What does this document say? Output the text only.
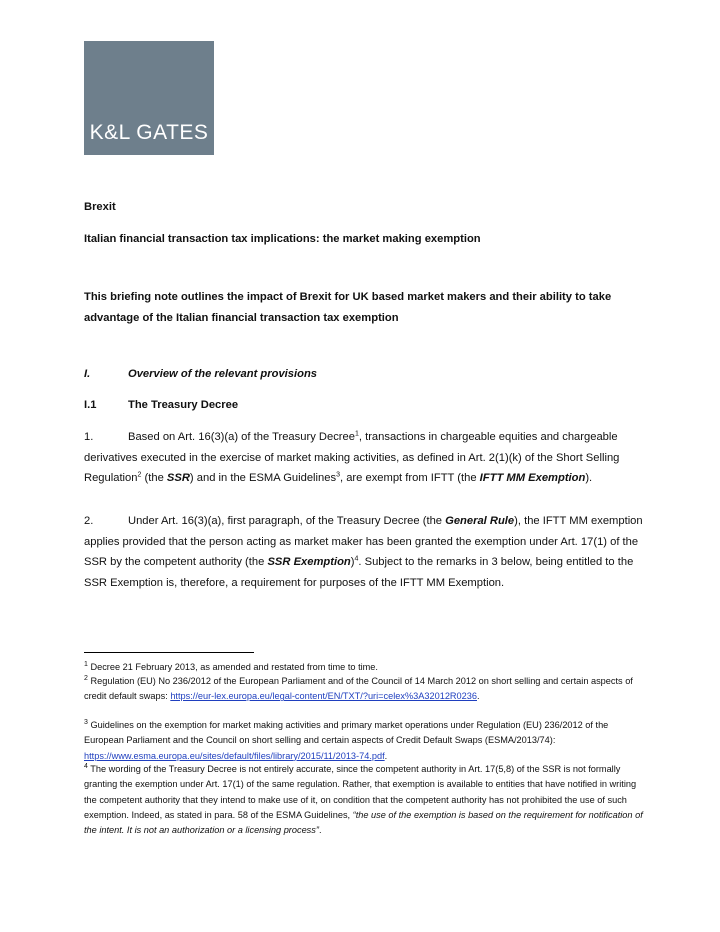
K&L GATES
Brexit
Italian financial transaction tax implications: the market making exemption
This briefing note outlines the impact of Brexit for UK based market makers and their ability to take advantage of the Italian financial transaction tax exemption
I.	Overview of the relevant provisions
I.1	The Treasury Decree
1.	Based on Art. 16(3)(a) of the Treasury Decree$^1$, transactions in chargeable equities and chargeable derivatives executed in the exercise of market making activities, as defined in Art. 2(1)(k) of the Short Selling Regulation$^2$ (the SSR) and in the ESMA Guidelines$^3$, are exempt from IFTT (the IFTT MM Exemption).
2.	Under Art. 16(3)(a), first paragraph, of the Treasury Decree (the General Rule), the IFTT MM exemption applies provided that the person acting as market maker has been granted the exemption under Art. 17(1) of the SSR by the competent authority (the SSR Exemption)$^4$. Subject to the remarks in 3 below, being entitled to the SSR Exemption is, therefore, a requirement for purposes of the IFTT MM Exemption.
$^1$ Decree 21 February 2013, as amended and restated from time to time.
$^2$ Regulation (EU) No 236/2012 of the European Parliament and of the Council of 14 March 2012 on short selling and certain aspects of credit default swaps: https://eur-lex.europa.eu/legal-content/EN/TXT/?uri=celex%3A32012R0236.
$^3$ Guidelines on the exemption for market making activities and primary market operations under Regulation (EU) 236/2012 of the European Parliament and the Council on short selling and certain aspects of Credit Default Swaps (ESMA/2013/74): https://www.esma.europa.eu/sites/default/files/library/2015/11/2013-74.pdf.
$^4$ The wording of the Treasury Decree is not entirely accurate, since the competent authority in Art. 17(5,8) of the SSR is not formally granting the exemption under Art. 17(1) of the same regulation. Rather, that exemption is available to entities that have notified in writing the competent authority that they intend to make use of it, on condition that the competent authority has not prohibited the use of such exemption. Indeed, as stated in para. 58 of the ESMA Guidelines, “the use of the exemption is based on the requirement for notification of the intent. It is not an authorization or a licensing process”.
